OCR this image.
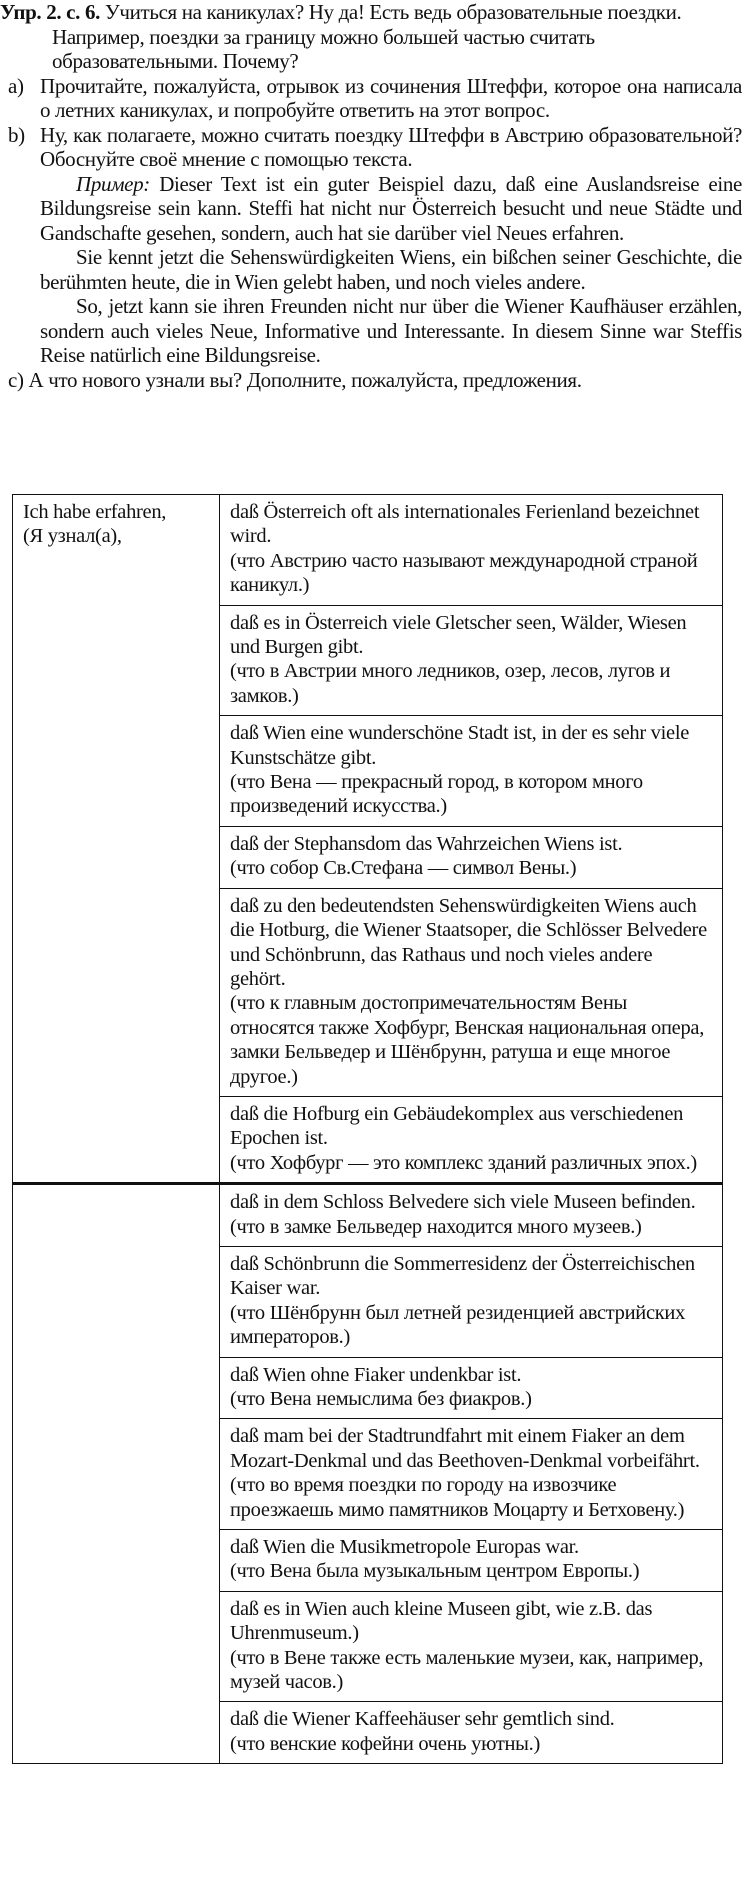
Упр. 2. с. 6. Учиться на каникулах? Ну да! Есть ведь образовательные поездки. Например, поездки за границу можно большей частью считать образовательными. Почему?

a) Прочитайте, пожалуйста, отрывок из сочинения Штеффи, которое она написала о летних каникулах, и попробуйте ответить на этот вопрос.

b) Ну, как полагаете, можно считать поездку Штеффи в Австрию образовательной? Обоснуйте своё мнение с помощью текста.

Пример: Dieser Text ist ein guter Beispiel dazu, daß eine Auslandsreise eine Bildungsreise sein kann. Steffi hat nicht nur Österreich besucht und neue Städte und Gandschafte gesehen, sondern, auch hat sie darüber viel Neues erfahren.

Sie kennt jetzt die Sehenswürdigkeiten Wiens, ein bißchen seiner Geschichte, die berühmten heute, die in Wien gelebt haben, und noch vieles andere.

So, jetzt kann sie ihren Freunden nicht nur über die Wiener Kaufhäuser erzählen, sondern auch vieles Neue, Informative und Interessante. In diesem Sinne war Steffis Reise natürlich eine Bildungsreise.

c) А что нового узнали вы? Дополните, пожалуйста, предложения.

Ich habe erfahren,
(Я узнал(а),	daß Österreich oft als internationales Ferienland bezeichnet wird.
(что Австрию часто называют международной страной каникул.)

	daß es in Österreich viele Gletscher seen, Wälder, Wiesen und Burgen gibt.
(что в Австрии много ледников, озер, лесов, лугов и замков.)

	daß Wien eine wunderschöne Stadt ist, in der es sehr viele Kunstschätze gibt.
(что Вена — прекрасный город, в котором много произведений искусства.)

	daß der Stephansdom das Wahrzeichen Wiens ist.
(что собор Св.Стефана — символ Вены.)

	daß zu den bedeutendsten Sehenswürdigkeiten Wiens auch die Hotburg, die Wiener Staatsoper, die Schlösser Belvedere und Schönbrunn, das Rathaus und noch vieles andere gehört.
(что к главным достопримечательностям Вены относятся также Хофбург, Венская национальная опера, замки Бельведер и Шёнбрунн, ратуша и еще многое другое.)

	daß die Hofburg ein Gebäudekomplex aus verschiedenen Epochen ist.
(что Хофбург — это комплекс зданий различных эпох.)

	daß in dem Schloss Belvedere sich viele Museen befinden.
(что в замке Бельведер находится много музеев.)

	daß Schönbrunn die Sommerresidenz der Österreichischen Kaiser war.
(что Шёнбрунн был летней резиденцией австрийских императоров.)

	daß Wien ohne Fiaker undenkbar ist.
(что Вена немыслима без фиакров.)

	daß mam bei der Stadtrundfahrt mit einem Fiaker an dem Mozart-Denkmal und das Beethoven-Denkmal vorbeifährt.
(что во время поездки по городу на извозчике проезжаешь мимо памятников Моцарту и Бетховену.)

	daß Wien die Musikmetropole Europas war.
(что Вена была музыкальным центром Европы.)

	daß es in Wien auch kleine Museen gibt, wie z.B. das Uhrenmuseum.)
(что в Вене также есть маленькие музеи, как, например, музей часов.)

	daß die Wiener Kaffeehäuser sehr gemtlich sind.
(что венские кофейни очень уютны.)
